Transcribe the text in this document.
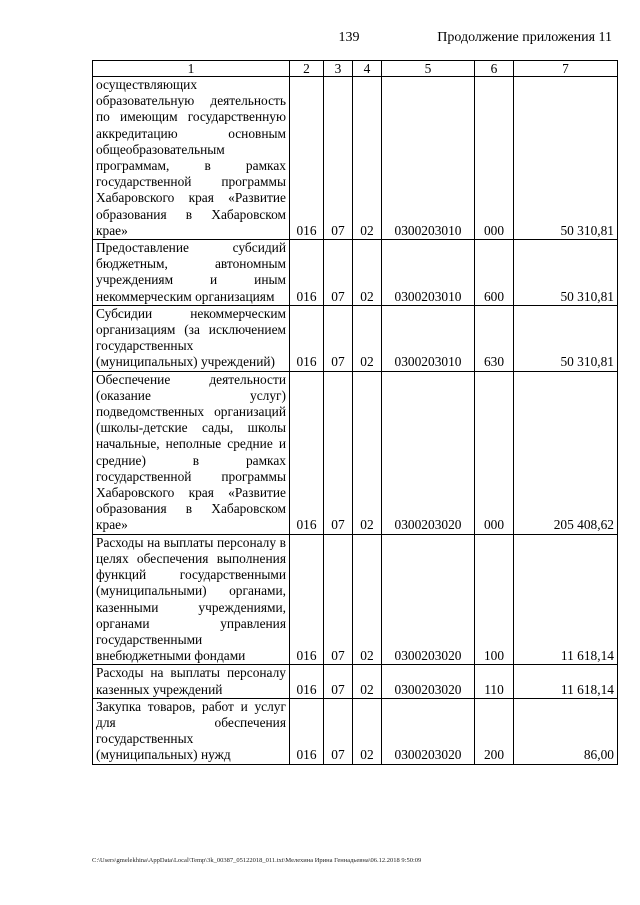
139	Продолжение приложения 11
1	2	3	4	5	6	7
осуществляющих образовательную деятельность по имеющим государственную аккредитацию основным общеобразовательным программам, в рамках государственной программы Хабаровского края «Развитие образования в Хабаровском крае»	016	07	02	0300203010	000	50 310,81
Предоставление субсидий бюджетным, автономным учреждениям и иным некоммерческим организациям	016	07	02	0300203010	600	50 310,81
Субсидии некоммерческим организациям (за исключением государственных (муниципальных) учреждений)	016	07	02	0300203010	630	50 310,81
Обеспечение деятельности (оказание услуг) подведомственных организаций (школы-детские сады, школы начальные, неполные средние и средние) в рамках государственной программы Хабаровского края «Развитие образования в Хабаровском крае»	016	07	02	0300203020	000	205 408,62
Расходы на выплаты персоналу в целях обеспечения выполнения функций государственными (муниципальными) органами, казенными учреждениями, органами управления государственными внебюджетными фондами	016	07	02	0300203020	100	11 618,14
Расходы на выплаты персоналу казенных учреждений	016	07	02	0300203020	110	11 618,14
Закупка товаров, работ и услуг для обеспечения государственных (муниципальных) нужд	016	07	02	0300203020	200	86,00
C:\Users\gmelekhina\AppData\Local\Temp\3k_00387_05122018_011.txt\Мелехина Ирина Геннадьевна\06.12.2018 9:50:09
